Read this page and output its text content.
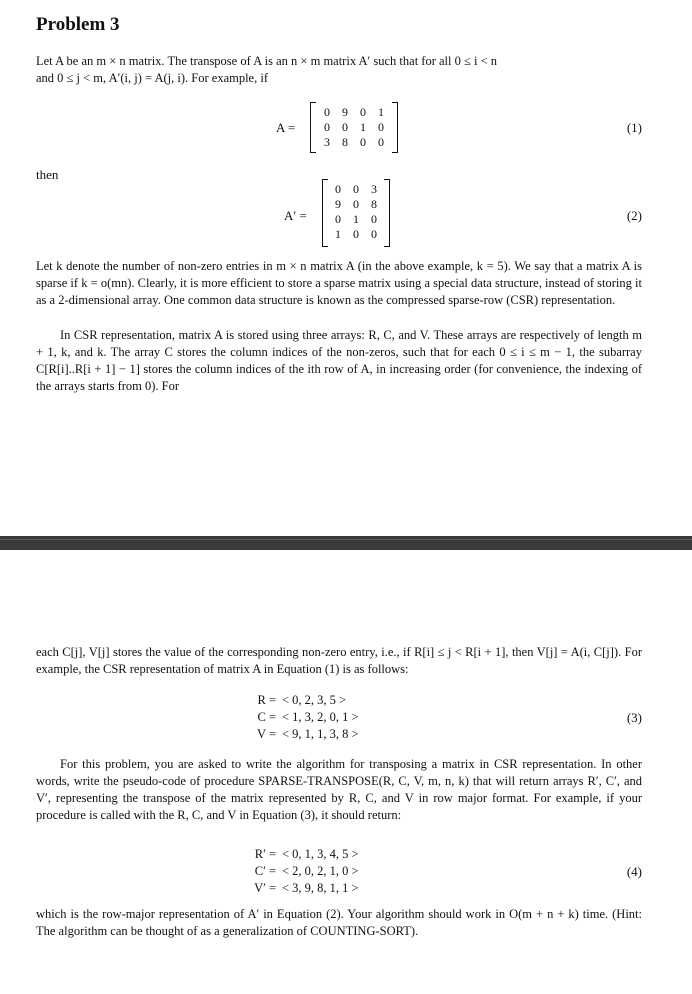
Problem 3

Let A be an m × n matrix. The transpose of A is an n × m matrix A′ such that for all 0 ≤ i < n

and 0 ≤ j < m, A′(i, j) = A(j, i). For example, if

A =
0 9 0 1
0 0 1 0
3 8 0 0
(1)
then
A′ =
0 0 3
9 0 8
0 1 0
1 0 0
(2)

Let k denote the number of non-zero entries in m × n matrix A (in the above example, k = 5). We say that a matrix A is sparse if k = o(mn). Clearly, it is more efficient to store a sparse matrix using a special data structure, instead of storing it as a 2-dimensional array. One common data structure is known as the compressed sparse-row (CSR) representation.

In CSR representation, matrix A is stored using three arrays: R, C, and V. These arrays are respectively of length m + 1, k, and k. The array C stores the column indices of the non-zeros, such that for each 0 ≤ i ≤ m − 1, the subarray C[R[i]..R[i + 1] − 1] stores the column indices of the ith row of A, in increasing order (for convenience, the indexing of the arrays starts from 0). For

each C[j], V[j] stores the value of the corresponding non-zero entry, i.e., if R[i] ≤ j < R[i + 1], then V[j] = A(i, C[j]). For example, the CSR representation of matrix A in Equation (1) is as follows:

R = < 0, 2, 3, 5 >
C = < 1, 3, 2, 0, 1 >
V = < 9, 1, 1, 3, 8 >
(3)

For this problem, you are asked to write the algorithm for transposing a matrix in CSR representation. In other words, write the pseudo-code of procedure SPARSE-TRANSPOSE(R, C, V, m, n, k) that will return arrays R′, C′, and V′, representing the transpose of the matrix represented by R, C, and V in row major format. For example, if your procedure is called with the R, C, and V in Equation (3), it should return:

R′ = < 0, 1, 3, 4, 5 >
C′ = < 2, 0, 2, 1, 0 >
V′ = < 3, 9, 8, 1, 1 >
(4)

which is the row-major representation of A′ in Equation (2). Your algorithm should work in O(m + n + k) time. (Hint: The algorithm can be thought of as a generalization of COUNTING-SORT).
